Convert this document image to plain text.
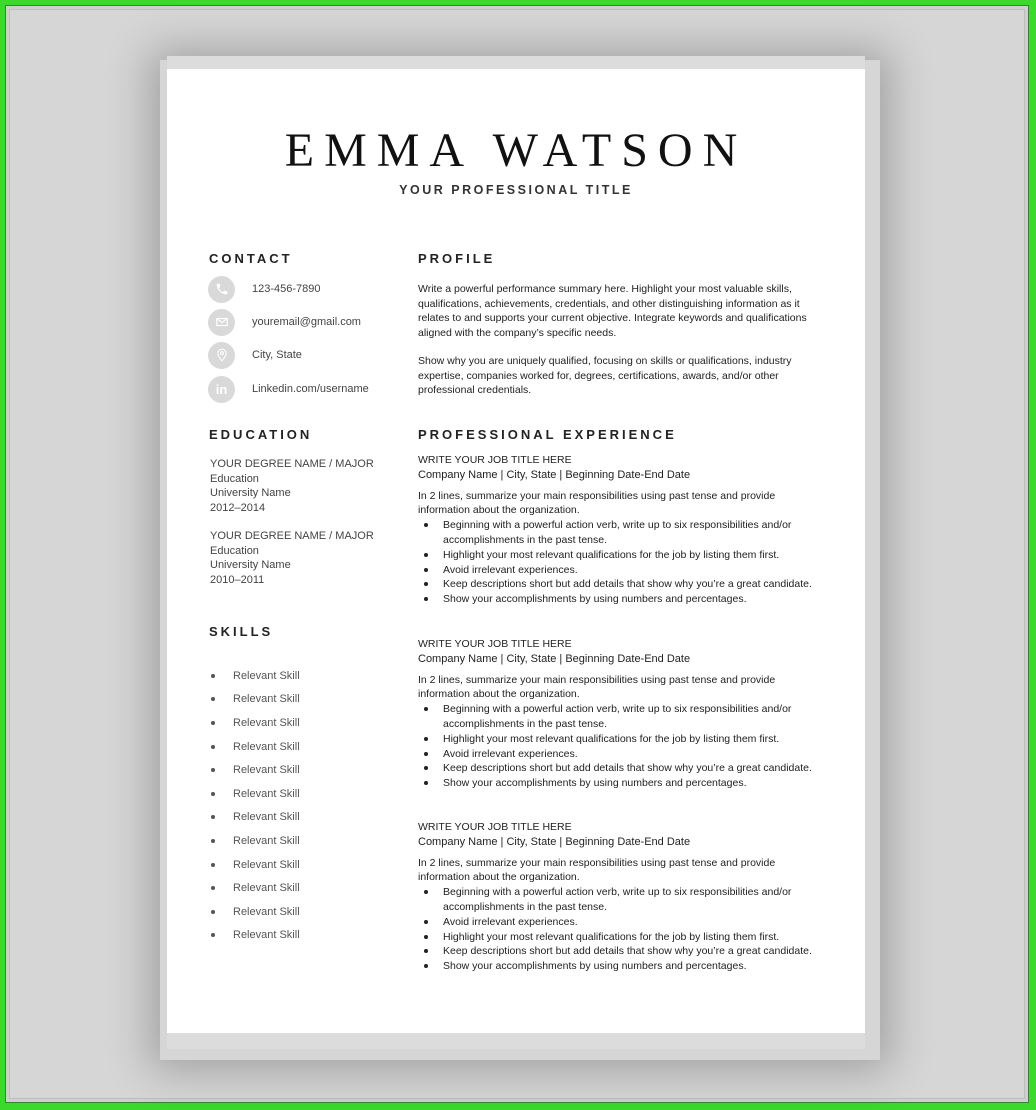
EMMA WATSON
YOUR PROFESSIONAL TITLE
CONTACT
123-456-7890
youremail@gmail.com
City, State
in	Linkedin.com/username
EDUCATION
YOUR DEGREE NAME / MAJOR
Education
University Name
2012–2014
YOUR DEGREE NAME / MAJOR
Education
University Name
2010–2011
SKILLS
Relevant Skill
Relevant Skill
Relevant Skill
Relevant Skill
Relevant Skill
Relevant Skill
Relevant Skill
Relevant Skill
Relevant Skill
Relevant Skill
Relevant Skill
Relevant Skill
PROFILE

Write a powerful performance summary here. Highlight your most valuable skills, qualifications, achievements, credentials, and other distinguishing information as it relates to and supports your current objective. Integrate keywords and qualifications aligned with the company’s specific needs.

Show why you are uniquely qualified, focusing on skills or qualifications, industry expertise, companies worked for, degrees, certifications, awards, and/or other professional credentials.

PROFESSIONAL EXPERIENCE

WRITE YOUR JOB TITLE HERE

Company Name | City, State | Beginning Date-End Date

In 2 lines, summarize your main responsibilities using past tense and provide information about the organization.

Beginning with a powerful action verb, write up to six responsibilities and/or accomplishments in the past tense.
Highlight your most relevant qualifications for the job by listing them first.
Avoid irrelevant experiences.
Keep descriptions short but add details that show why you’re a great candidate.
Show your accomplishments by using numbers and percentages.

WRITE YOUR JOB TITLE HERE

Company Name | City, State | Beginning Date-End Date

In 2 lines, summarize your main responsibilities using past tense and provide information about the organization.

Beginning with a powerful action verb, write up to six responsibilities and/or accomplishments in the past tense.
Highlight your most relevant qualifications for the job by listing them first.
Avoid irrelevant experiences.
Keep descriptions short but add details that show why you’re a great candidate.
Show your accomplishments by using numbers and percentages.

WRITE YOUR JOB TITLE HERE

Company Name | City, State | Beginning Date-End Date

In 2 lines, summarize your main responsibilities using past tense and provide information about the organization.

Beginning with a powerful action verb, write up to six responsibilities and/or accomplishments in the past tense.
Avoid irrelevant experiences.
Highlight your most relevant qualifications for the job by listing them first.
Keep descriptions short but add details that show why you’re a great candidate.
Show your accomplishments by using numbers and percentages.
